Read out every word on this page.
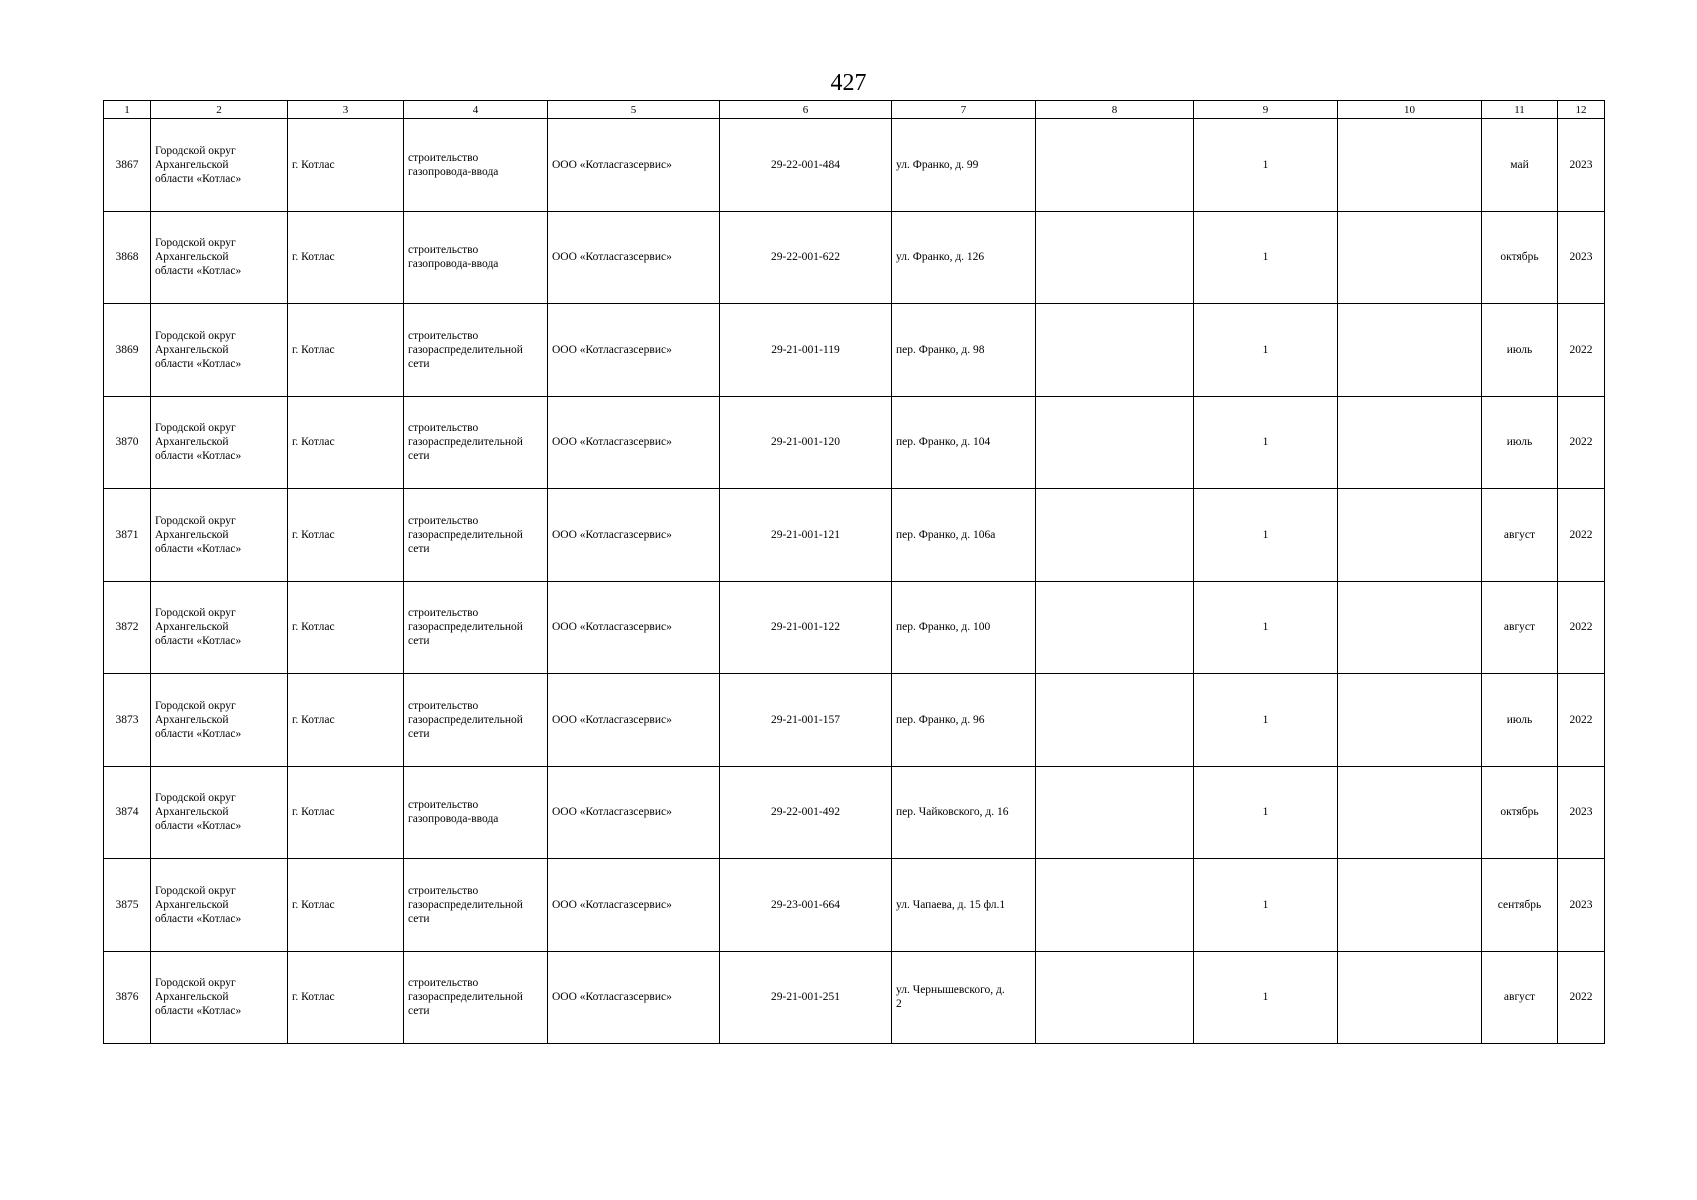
427
1	2	3	4	5	6	7	8	9	10	11	12
3867	Городской округ
Архангельской
области «Котлас»	г. Котлас	строительство
газопровода-ввода	ООО «Котласгазсервис»	29-22-001-484	ул. Франко, д. 99		1		май	2023
3868	Городской округ
Архангельской
области «Котлас»	г. Котлас	строительство
газопровода-ввода	ООО «Котласгазсервис»	29-22-001-622	ул. Франко, д. 126		1		октябрь	2023
3869	Городской округ
Архангельской
области «Котлас»	г. Котлас	строительство
газораспределительной
сети	ООО «Котласгазсервис»	29-21-001-119	пер. Франко, д. 98		1		июль	2022
3870	Городской округ
Архангельской
области «Котлас»	г. Котлас	строительство
газораспределительной
сети	ООО «Котласгазсервис»	29-21-001-120	пер. Франко, д. 104		1		июль	2022
3871	Городской округ
Архангельской
области «Котлас»	г. Котлас	строительство
газораспределительной
сети	ООО «Котласгазсервис»	29-21-001-121	пер. Франко, д. 106а		1		август	2022
3872	Городской округ
Архангельской
области «Котлас»	г. Котлас	строительство
газораспределительной
сети	ООО «Котласгазсервис»	29-21-001-122	пер. Франко, д. 100		1		август	2022
3873	Городской округ
Архангельской
области «Котлас»	г. Котлас	строительство
газораспределительной
сети	ООО «Котласгазсервис»	29-21-001-157	пер. Франко, д. 96		1		июль	2022
3874	Городской округ
Архангельской
области «Котлас»	г. Котлас	строительство
газопровода-ввода	ООО «Котласгазсервис»	29-22-001-492	пер. Чайковского, д. 16		1		октябрь	2023
3875	Городской округ
Архангельской
области «Котлас»	г. Котлас	строительство
газораспределительной
сети	ООО «Котласгазсервис»	29-23-001-664	ул. Чапаева, д. 15 фл.1		1		сентябрь	2023
3876	Городской округ
Архангельской
области «Котлас»	г. Котлас	строительство
газораспределительной
сети	ООО «Котласгазсервис»	29-21-001-251	ул. Чернышевского, д.
2		1		август	2022
